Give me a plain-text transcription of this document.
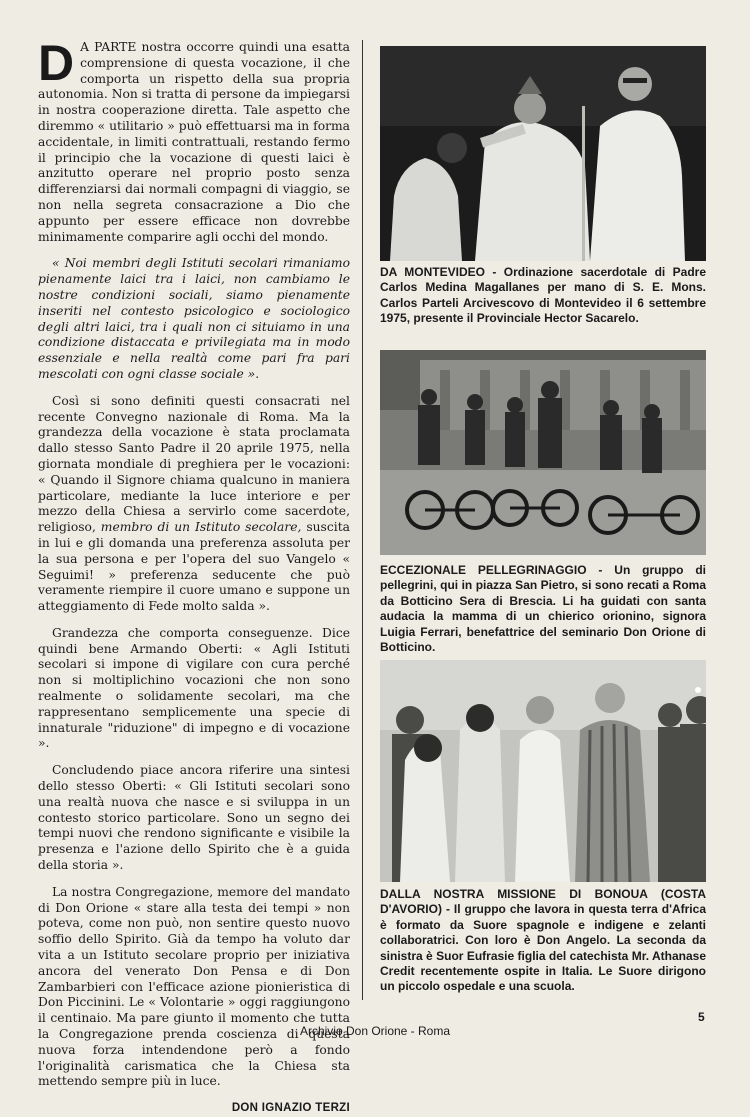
D A PARTE nostra occorre quindi una esatta comprensione di questa vocazione, il che comporta un rispetto della sua propria autonomia. Non si tratta di persone da impiegarsi in nostra cooperazione diretta. Tale aspetto che diremmo « utilitario » può effettuarsi ma in forma accidentale, in limiti contrattuali, restando fermo il principio che la vocazione di questi laici è anzitutto operare nel proprio posto senza differenziarsi dai normali compagni di viaggio, se non nella segreta consacrazione a Dio che appunto per essere efficace non dovrebbe minimamente comparire agli occhi del mondo.

« Noi membri degli Istituti secolari rimaniamo pienamente laici tra i laici, non cambiamo le nostre condizioni sociali, siamo pienamente inseriti nel contesto psicologico e sociologico degli altri laici, tra i quali non ci situiamo in una condizione distaccata e privilegiata ma in modo essenziale e nella realtà come pari fra pari mescolati con ogni classe sociale ».

Così si sono definiti questi consacrati nel recente Convegno nazionale di Roma. Ma la grandezza della vocazione è stata proclamata dallo stesso Santo Padre il 20 aprile 1975, nella giornata mondiale di preghiera per le vocazioni: « Quando il Signore chiama qualcuno in maniera particolare, mediante la luce interiore e per mezzo della Chiesa a servirlo come sacerdote, religioso, membro di un Istituto secolare, suscita in lui e gli domanda una preferenza assoluta per la sua persona e per l'opera del suo Vangelo « Seguimi! » preferenza seducente che può veramente riempire il cuore umano e suppone un atteggiamento di Fede molto salda ».

Grandezza che comporta conseguenze. Dice quindi bene Armando Oberti: « Agli Istituti secolari si impone di vigilare con cura perché non si moltiplichino vocazioni che non sono realmente o solidamente secolari, ma che rappresentano semplicemente una specie di innaturale "riduzione" di impegno e di vocazione ».

Concludendo piace ancora riferire una sintesi dello stesso Oberti: « Gli Istituti secolari sono una realtà nuova che nasce e si sviluppa in un contesto storico particolare. Sono un segno dei tempi nuovi che rendono significante e visibile la presenza e l'azione dello Spirito che è a guida della storia ».

La nostra Congregazione, memore del mandato di Don Orione « stare alla testa dei tempi » non poteva, come non può, non sentire questo nuovo soffio dello Spirito. Già da tempo ha voluto dar vita a un Istituto secolare proprio per iniziativa ancora del venerato Don Pensa e di Don Zambarbieri con l'efficace azione pionieristica di Don Piccinini. Le « Volontarie » oggi raggiungono il centinaio. Ma pare giunto il momento che tutta la Congregazione prenda coscienza di questa nuova forza intendendone però a fondo l'originalità carismatica che la Chiesa sta mettendo sempre più in luce.

DON IGNAZIO TERZI
DA MONTEVIDEO - Ordinazione sacerdotale di Padre Carlos Medina Magallanes per mano di S. E. Mons. Carlos Parteli Arcivescovo di Montevideo il 6 settembre 1975, presente il Provinciale Hector Sacarelo.
ECCEZIONALE PELLEGRINAGGIO - Un gruppo di pellegrini, qui in piazza San Pietro, si sono recati a Roma da Botticino Sera di Brescia. Li ha guidati con santa audacia la mamma di un chierico orionino, signora Luigia Ferrari, benefattrice del seminario Don Orione di Botticino.
DALLA NOSTRA MISSIONE DI BONOUA (COSTA D'AVORIO) - Il gruppo che lavora in questa terra d'Africa è formato da Suore spagnole e indigene e zelanti collaboratrici. Con loro è Don Angelo. La seconda da sinistra è Suor Eufrasie figlia del catechista Mr. Athanase Credit recentemente ospite in Italia. Le Suore dirigono un piccolo ospedale e una scuola.
5
Archivio Don Orione - Roma
